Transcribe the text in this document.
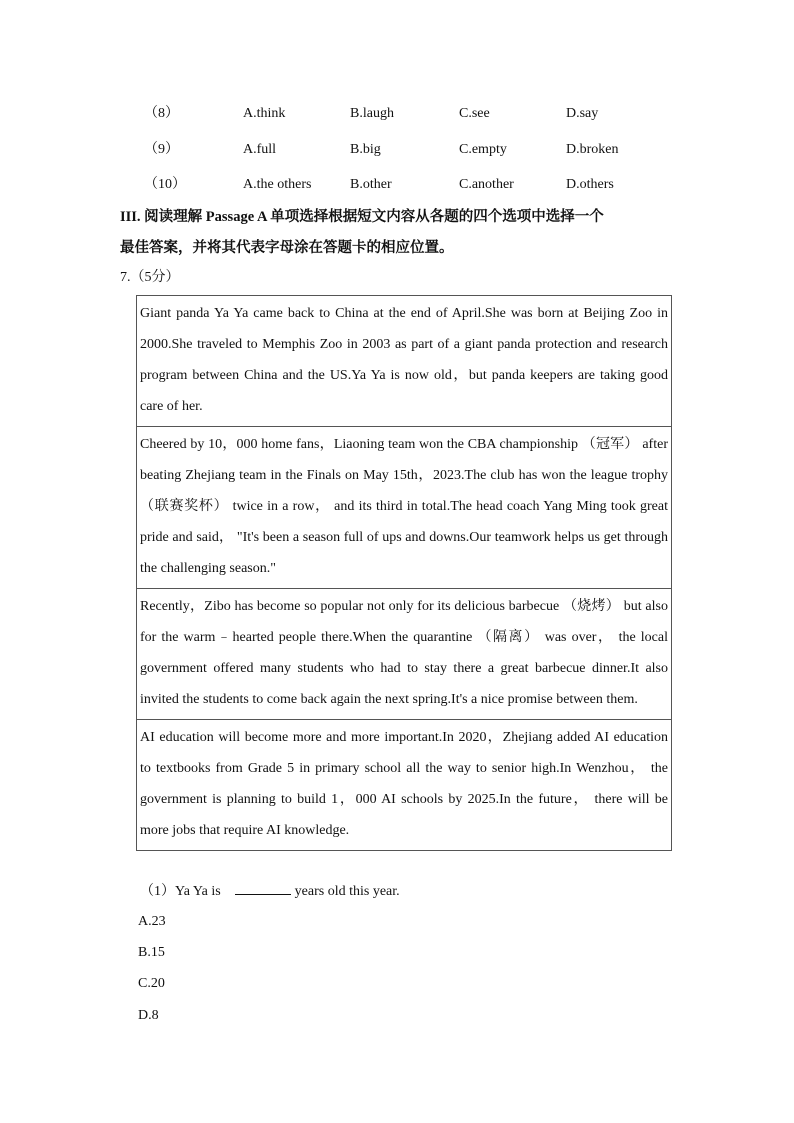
（8）	A.think	B.laugh	C.see	D.say
（9）	A.full	B.big	C.empty	D.broken
（10）	A.the others	B.other	C.another	D.others
III. 阅读理解 Passage A 单项选择根据短文内容从各题的四个选项中选择一个
最佳答案，并将其代表字母涂在答题卡的相应位置。
7.（5分）
Giant panda Ya Ya came back to China at the end of April.She was born at Beijing Zoo in 2000.She traveled to Memphis Zoo in 2003 as part of a giant panda protection and research program between China and the US.Ya Ya is now old，but panda keepers are taking good care of her.
Cheered by 10，000 home fans，Liaoning team won the CBA championship （冠军） after beating Zhejiang team in the Finals on May 15th，2023.The club has won the league trophy （联赛奖杯） twice in a row， and its third in total.The head coach Yang Ming took great pride and said， "It's been a season full of ups and downs.Our teamwork helps us get through the challenging season."
Recently，Zibo has become so popular not only for its delicious barbecue （烧烤） but also for the warm﹣hearted people there.When the quarantine （隔离） was over， the local government offered many students who had to stay there a great barbecue dinner.It also invited the students to come back again the next spring.It's a nice promise between them.
AI education will become more and more important.In 2020，Zhejiang added AI education to textbooks from Grade 5 in primary school all the way to senior high.In Wenzhou， the government is planning to build 1，000 AI schools by 2025.In the future， there will be more jobs that require AI knowledge.
（1）Ya Ya is	years old this year.
A.23
B.15
C.20
D.8
